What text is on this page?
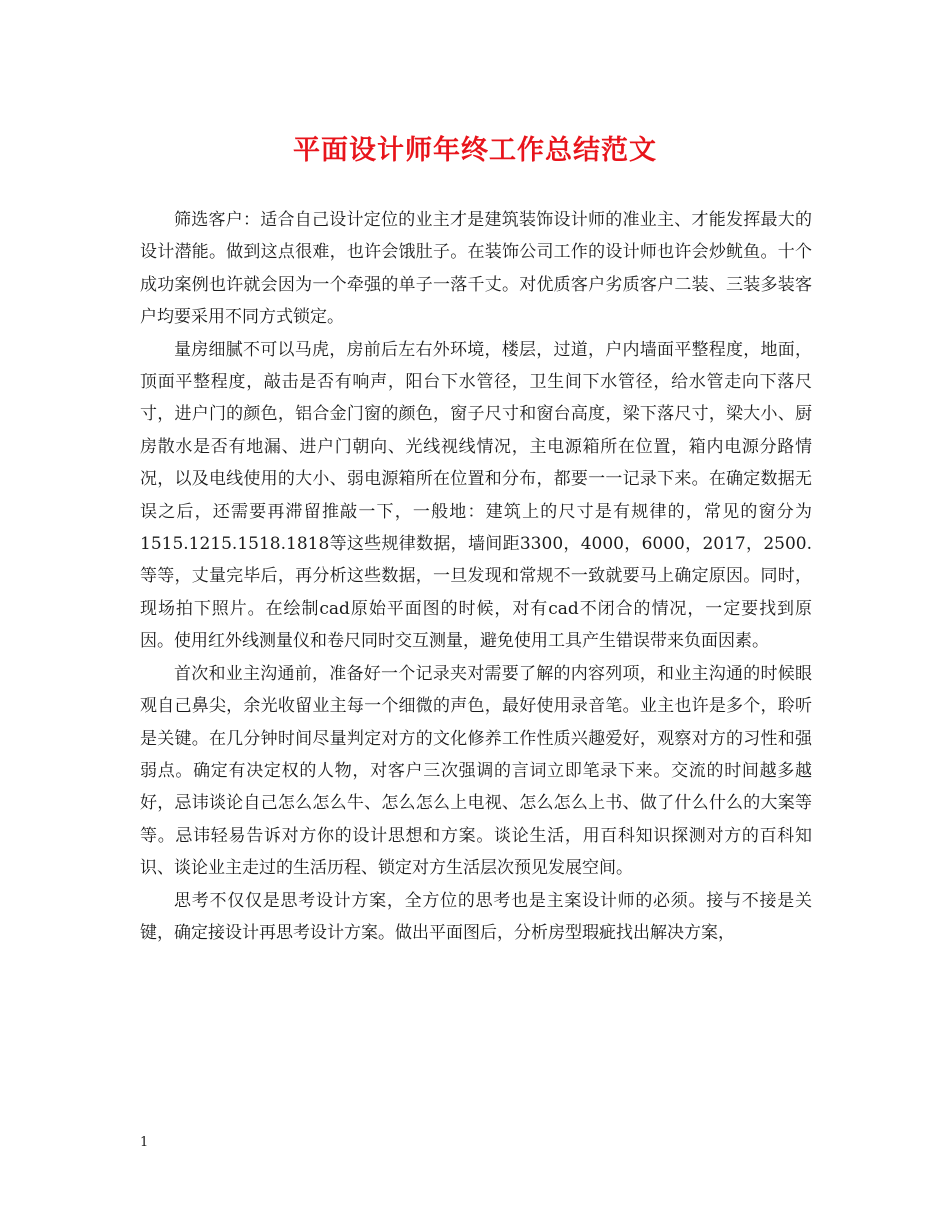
平面设计师年终工作总结范文

筛选客户：适合自己设计定位的业主才是建筑装饰设计师的准业主、才能发挥最大的设计潜能。做到这点很难，也许会饿肚子。在装饰公司工作的设计师也许会炒鱿鱼。十个成功案例也许就会因为一个牵强的单子一落千丈。对优质客户劣质客户二装、三装多装客户均要采用不同方式锁定。

量房细腻不可以马虎，房前后左右外环境，楼层，过道，户内墙面平整程度，地面，顶面平整程度，敲击是否有响声，阳台下水管径，卫生间下水管径，给水管走向下落尺寸，进户门的颜色，铝合金门窗的颜色，窗子尺寸和窗台高度，梁下落尺寸，梁大小、厨房散水是否有地漏、进户门朝向、光线视线情况，主电源箱所在位置，箱内电源分路情况，以及电线使用的大小、弱电源箱所在位置和分布，都要一一记录下来。在确定数据无误之后，还需要再滞留推敲一下，一般地：建筑上的尺寸是有规律的，常见的窗分为1515.1215.1518.1818等这些规律数据，墙间距3300，4000，6000，2017，2500.等等，丈量完毕后，再分析这些数据，一旦发现和常规不一致就要马上确定原因。同时，现场拍下照片。在绘制cad原始平面图的时候，对有cad不闭合的情况，一定要找到原因。使用红外线测量仪和卷尺同时交互测量，避免使用工具产生错误带来负面因素。

首次和业主沟通前，准备好一个记录夹对需要了解的内容列项，和业主沟通的时候眼观自己鼻尖，余光收留业主每一个细微的声色，最好使用录音笔。业主也许是多个，聆听是关键。在几分钟时间尽量判定对方的文化修养工作性质兴趣爱好，观察对方的习性和强弱点。确定有决定权的人物，对客户三次强调的言词立即笔录下来。交流的时间越多越好，忌讳谈论自己怎么怎么牛、怎么怎么上电视、怎么怎么上书、做了什么什么的大案等等。忌讳轻易告诉对方你的设计思想和方案。谈论生活，用百科知识探测对方的百科知识、谈论业主走过的生活历程、锁定对方生活层次预见发展空间。

思考不仅仅是思考设计方案，全方位的思考也是主案设计师的必须。接与不接是关键，确定接设计再思考设计方案。做出平面图后，分析房型瑕疵找出解决方案，

1
